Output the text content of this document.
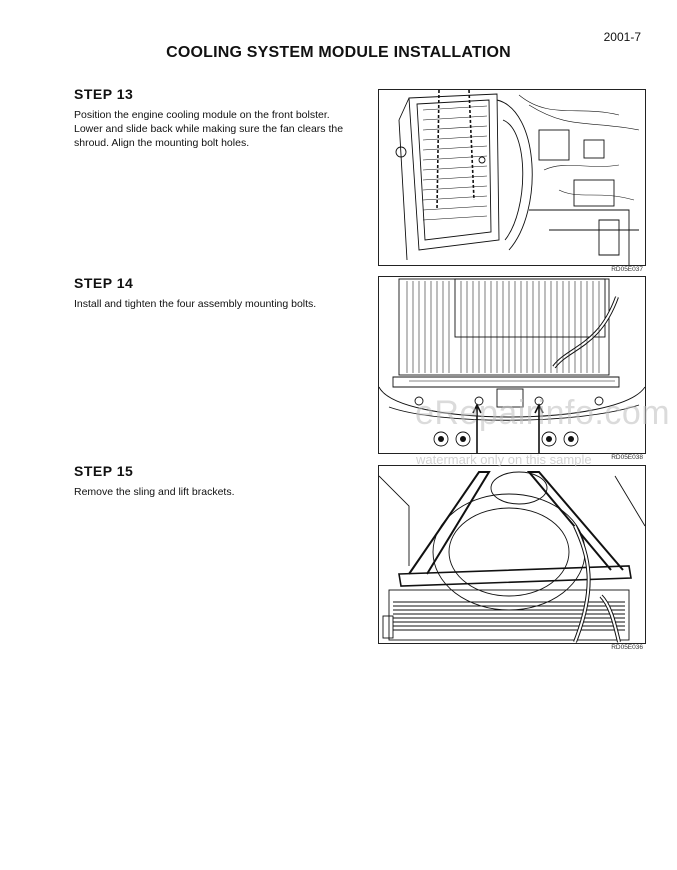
2001-7
COOLING SYSTEM MODULE INSTALLATION

STEP 13

Position the engine cooling module on the front bolster. Lower and slide back while making sure the fan clears the shroud. Align the mounting bolt holes.

RD05E037

STEP 14

Install and tighten the four assembly mounting bolts.

RD05E038

STEP 15

Remove the sling and lift brackets.

RD05E036
eRepairinfo.com
watermark only on this sample
